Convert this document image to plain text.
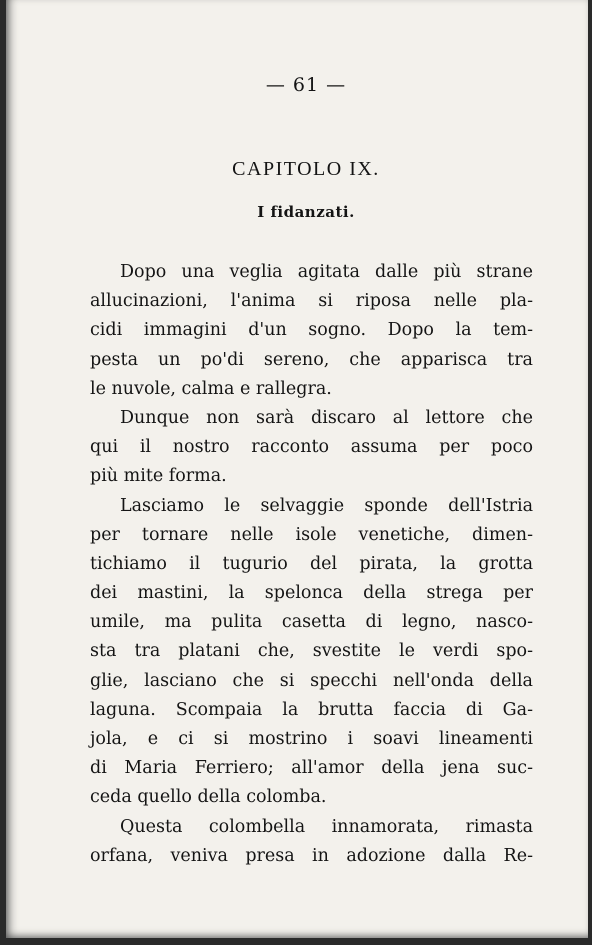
— 61 —
CAPITOLO IX.
I fidanzati.
Dopo una veglia agitata dalle più strane
allucinazioni, l'anima si riposa nelle pla-
cidi immagini d'un sogno. Dopo la tem-
pesta un po'di sereno, che apparisca tra
le nuvole, calma e rallegra.
Dunque non sarà discaro al lettore che
qui il nostro racconto assuma per poco
più mite forma.
Lasciamo le selvaggie sponde dell'Istria
per tornare nelle isole venetiche, dimen-
tichiamo il tugurio del pirata, la grotta
dei mastini, la spelonca della strega per
umile, ma pulita casetta di legno, nasco-
sta tra platani che, svestite le verdi spo-
glie, lasciano che si specchi nell'onda della
laguna. Scompaia la brutta faccia di Ga-
jola, e ci si mostrino i soavi lineamenti
di Maria Ferriero; all'amor della jena suc-
ceda quello della colomba.
Questa colombella innamorata, rimasta
orfana, veniva presa in adozione dalla Re-
